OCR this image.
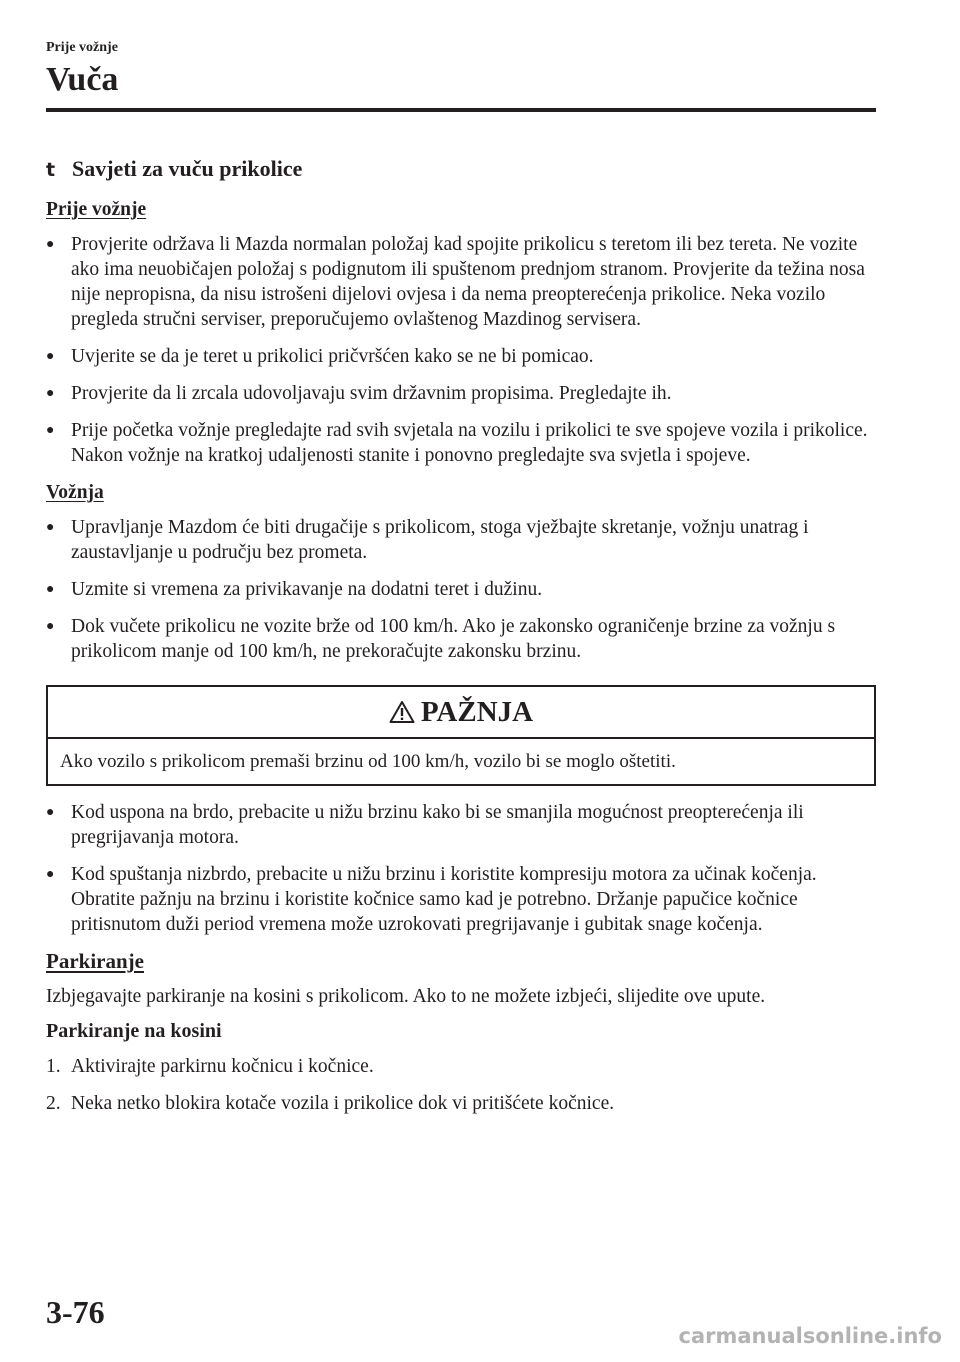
Prije vožnje
Vuča
t Savjeti za vuču prikolice
Prije vožnje
● Provjerite održava li Mazda normalan položaj kad spojite prikolicu s teretom ili bez tereta. Ne vozite ako ima neuobičajen položaj s podignutom ili spuštenom prednjom stranom. Provjerite da težina nosa nije nepropisna, da nisu istrošeni dijelovi ovjesa i da nema preopterećenja prikolice. Neka vozilo pregleda stručni serviser, preporučujemo ovlaštenog Mazdinog servisera.
● Uvjerite se da je teret u prikolici pričvršćen kako se ne bi pomicao.
● Provjerite da li zrcala udovoljavaju svim državnim propisima. Pregledajte ih.
● Prije početka vožnje pregledajte rad svih svjetala na vozilu i prikolici te sve spojeve vozila i prikolice. Nakon vožnje na kratkoj udaljenosti stanite i ponovno pregledajte sva svjetla i spojeve.
Vožnja
● Upravljanje Mazdom će biti drugačije s prikolicom, stoga vježbajte skretanje, vožnju unatrag i zaustavljanje u području bez prometa.
● Uzmite si vremena za privikavanje na dodatni teret i dužinu.
● Dok vučete prikolicu ne vozite brže od 100 km/h. Ako je zakonsko ograničenje brzine za vožnju s prikolicom manje od 100 km/h, ne prekoračujte zakonsku brzinu.
PAŽNJA
Ako vozilo s prikolicom premaši brzinu od 100 km/h, vozilo bi se moglo oštetiti.
● Kod uspona na brdo, prebacite u nižu brzinu kako bi se smanjila mogućnost preopterećenja ili pregrijavanja motora.
● Kod spuštanja nizbrdo, prebacite u nižu brzinu i koristite kompresiju motora za učinak kočenja. Obratite pažnju na brzinu i koristite kočnice samo kad je potrebno. Držanje papučice kočnice pritisnutom duži period vremena može uzrokovati pregrijavanje i gubitak snage kočenja.
Parkiranje
Izbjegavajte parkiranje na kosini s prikolicom. Ako to ne možete izbjeći, slijedite ove upute.
Parkiranje na kosini
1. Aktivirajte parkirnu kočnicu i kočnice.
2. Neka netko blokira kotače vozila i prikolice dok vi pritišćete kočnice.
3-76
carmanualsonline.info
